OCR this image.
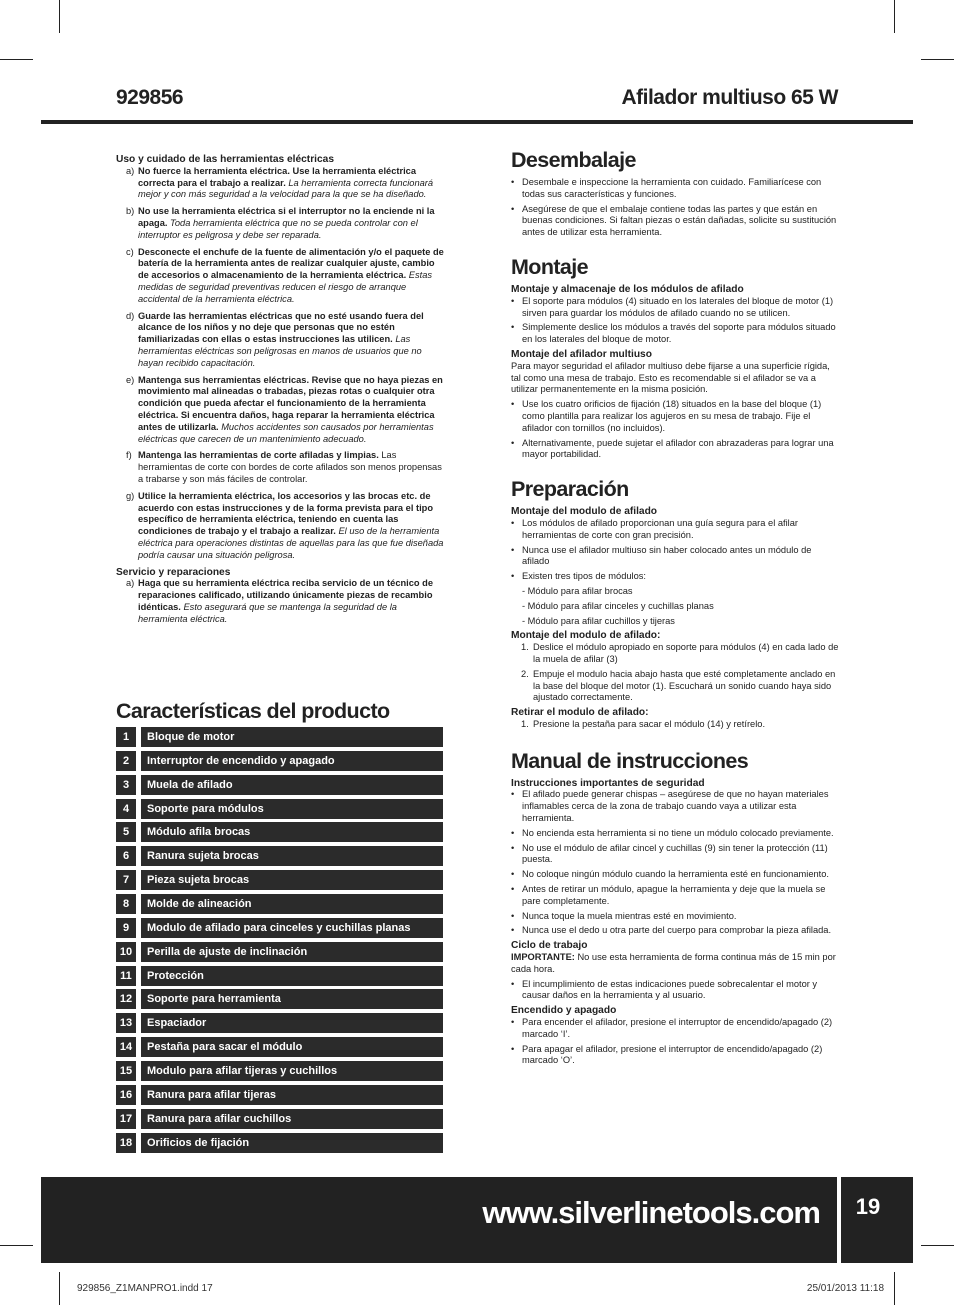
929856	Afilador multiuso 65 W

Uso y cuidado de las herramientas eléctricas

a) No fuerce la herramienta eléctrica. Use la herramienta eléctrica correcta para el trabajo a realizar. La herramienta correcta funcionará mejor y con más seguridad a la velocidad para la que se ha diseñado.
b) No use la herramienta eléctrica si el interruptor no la enciende ni la apaga. Toda herramienta eléctrica que no se pueda controlar con el interruptor es peligrosa y debe ser reparada.
c) Desconecte el enchufe de la fuente de alimentación y/o el paquete de batería de la herramienta antes de realizar cualquier ajuste, cambio de accesorios o almacenamiento de la herramienta eléctrica. Estas medidas de seguridad preventivas reducen el riesgo de arranque accidental de la herramienta eléctrica.
d) Guarde las herramientas eléctricas que no esté usando fuera del alcance de los niños y no deje que personas que no estén familiarizadas con ellas o estas instrucciones las utilicen. Las herramientas eléctricas son peligrosas en manos de usuarios que no hayan recibido capacitación.
e) Mantenga sus herramientas eléctricas. Revise que no haya piezas en movimiento mal alineadas o trabadas, piezas rotas o cualquier otra condición que pueda afectar el funcionamiento de la herramienta eléctrica. Si encuentra daños, haga reparar la herramienta eléctrica antes de utilizarla. Muchos accidentes son causados por herramientas eléctricas que carecen de un mantenimiento adecuado.
f) Mantenga las herramientas de corte afiladas y limpias. Las herramientas de corte con bordes de corte afilados son menos propensas a trabarse y son más fáciles de controlar.
g) Utilice la herramienta eléctrica, los accesorios y las brocas etc. de acuerdo con estas instrucciones y de la forma prevista para el tipo específico de herramienta eléctrica, teniendo en cuenta las condiciones de trabajo y el trabajo a realizar. El uso de la herramienta eléctrica para operaciones distintas de aquellas para las que fue diseñada podría causar una situación peligrosa.

Servicio y reparaciones

a) Haga que su herramienta eléctrica reciba servicio de un técnico de reparaciones calificado, utilizando únicamente piezas de recambio idénticas. Esto asegurará que se mantenga la seguridad de la herramienta eléctrica.
Características del producto
1	Bloque de motor
2	Interruptor de encendido y apagado
3	Muela de afilado
4	Soporte para módulos
5	Módulo afila brocas
6	Ranura sujeta brocas
7	Pieza sujeta brocas
8	Molde de alineación
9	Modulo de afilado para cinceles y cuchillas planas
10	Perilla de ajuste de inclinación
11	Protección
12	Soporte para herramienta
13	Espaciador
14	Pestaña para sacar el módulo
15	Modulo para afilar tijeras y cuchillos
16	Ranura para afilar tijeras
17	Ranura para afilar cuchillos
18	Orificios de fijación
Desembalaje
• Desembale e inspeccione la herramienta con cuidado. Familiarícese con todas sus características y funciones.
• Asegúrese de que el embalaje contiene todas las partes y que están en buenas condiciones. Si faltan piezas o están dañadas, solicite su sustitución antes de utilizar esta herramienta.
Montaje

Montaje y almacenaje de los módulos de afilado

• El soporte para módulos (4) situado en los laterales del bloque de motor (1) sirven para guardar los módulos de afilado cuando no se utilicen.
• Simplemente deslice los módulos a través del soporte para módulos situado en los laterales del bloque de motor.

Montaje del afilador multiuso

Para mayor seguridad el afilador multiuso debe fijarse a una superficie rígida, tal como una mesa de trabajo. Esto es recomendable si el afilador se va a utilizar permanentemente en la misma posición.

• Use los cuatro orificios de fijación (18) situados en la base del bloque (1) como plantilla para realizar los agujeros en su mesa de trabajo. Fije el afilador con tornillos (no incluidos).
• Alternativamente, puede sujetar el afilador con abrazaderas para lograr una mayor portabilidad.
Preparación

Montaje del modulo de afilado

• Los módulos de afilado proporcionan una guía segura para el afilar herramientas de corte con gran precisión.
• Nunca use el afilador multiuso sin haber colocado antes un módulo de afilado
• Existen tres tipos de módulos:
- Módulo para afilar brocas
- Módulo para afilar cinceles y cuchillas planas
- Módulo para afilar cuchillos y tijeras

Montaje del modulo de afilado:

1. Deslice el módulo apropiado en soporte para módulos (4) en cada lado de la muela de afilar (3)
2. Empuje el modulo hacia abajo hasta que esté completamente anclado en la base del bloque del motor (1). Escuchará un sonido cuando haya sido ajustado correctamente.

Retirar el modulo de afilado:

1. Presione la pestaña para sacar el módulo (14) y retírelo.
Manual de instrucciones

Instrucciones importantes de seguridad

• El afilado puede generar chispas – asegúrese de que no hayan materiales inflamables cerca de la zona de trabajo cuando vaya a utilizar esta herramienta.
• No encienda esta herramienta si no tiene un módulo colocado previamente.
• No use el módulo de afilar cincel y cuchillas (9) sin tener la protección (11) puesta.
• No coloque ningún módulo cuando la herramienta esté en funcionamiento.
• Antes de retirar un módulo, apague la herramienta y deje que la muela se pare completamente.
• Nunca toque la muela mientras esté en movimiento.
• Nunca use el dedo u otra parte del cuerpo para comprobar la pieza afilada.

Ciclo de trabajo

IMPORTANTE: No use esta herramienta de forma continua más de 15 min por cada hora.

• El incumplimiento de estas indicaciones puede sobrecalentar el motor y causar daños en la herramienta y al usuario.

Encendido y apagado

• Para encender el afilador, presione el interruptor de encendido/apagado (2) marcado ‘I’.
• Para apagar el afilador, presione el interruptor de encendido/apagado (2) marcado ‘O’.
www.silverlinetools.com	19
929856_Z1MANPRO1.indd 17	25/01/2013 11:18
